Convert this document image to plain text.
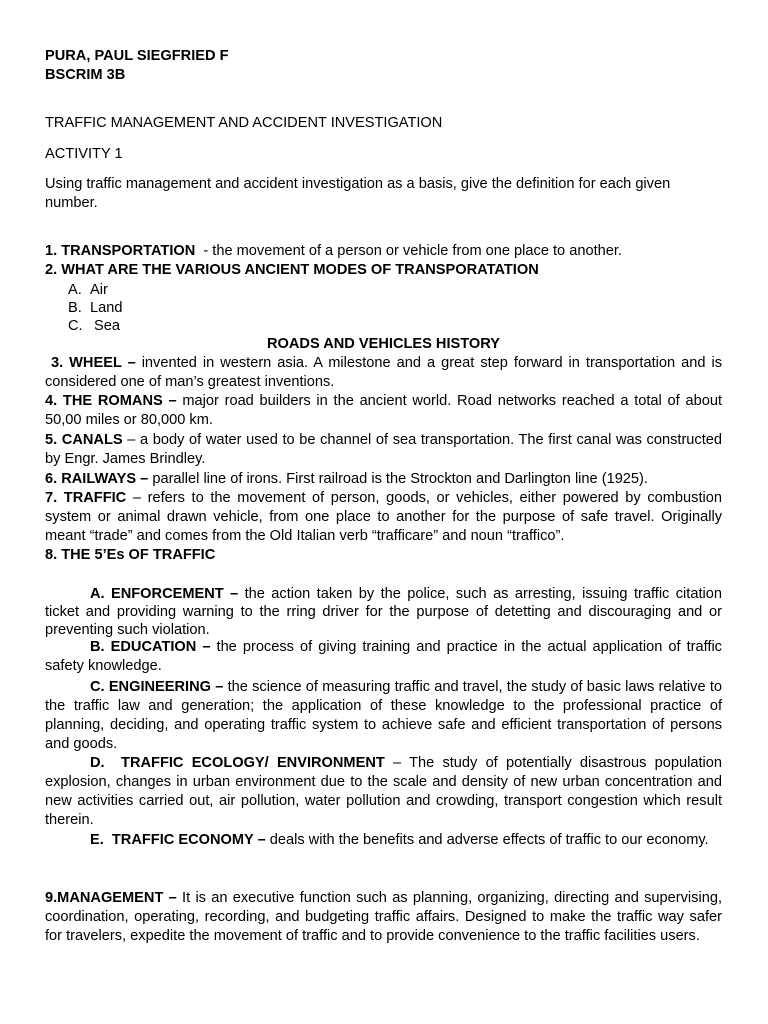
PURA, PAUL SIEGFRIED F
BSCRIM 3B
TRAFFIC MANAGEMENT AND ACCIDENT INVESTIGATION
ACTIVITY 1
Using traffic management and accident investigation as a basis, give the definition for each given number.
1. TRANSPORTATION  - the movement of a person or vehicle from one place to another.
2. WHAT ARE THE VARIOUS ANCIENT MODES OF TRANSPORATATION
A. Air
B. Land
C. Sea
ROADS AND VEHICLES HISTORY
3. WHEEL – invented in western asia. A milestone and a great step forward in transportation and is considered one of man’s greatest inventions.
4. THE ROMANS – major road builders in the ancient world. Road networks reached a total of about 50,00 miles or 80,000 km.
5. CANALS – a body of water used to be channel of sea transportation. The first canal was constructed by Engr. James Brindley.
6. RAILWAYS – parallel line of irons. First railroad is the Strockton and Darlington line (1925).
7. TRAFFIC – refers to the movement of person, goods, or vehicles, either powered by combustion system or animal drawn vehicle, from one place to another for the purpose of safe travel. Originally meant “trade” and comes from the Old Italian verb “trafficare” and noun “traffico”.
8. THE 5’Es OF TRAFFIC
A. ENFORCEMENT – the action taken by the police, such as arresting, issuing traffic citation ticket and providing warning to the rring driver for the purpose of detetting and discouraging and or preventing such violation.
B. EDUCATION – the process of giving training and practice in the actual application of traffic safety knowledge.
C. ENGINEERING – the science of measuring traffic and travel, the study of basic laws relative to the traffic law and generation; the application of these knowledge to the professional practice of planning, deciding, and operating traffic system to achieve safe and efficient transportation of persons and goods.
D.  TRAFFIC ECOLOGY/ ENVIRONMENT – The study of potentially disastrous population explosion, changes in urban environment due to the scale and density of new urban concentration and new activities carried out, air pollution, water pollution and crowding, transport congestion which result therein.
E.  TRAFFIC ECONOMY – deals with the benefits and adverse effects of traffic to our economy.
9.MANAGEMENT – It is an executive function such as planning, organizing, directing and supervising, coordination, operating, recording, and budgeting traffic affairs. Designed to make the traffic way safer for travelers, expedite the movement of traffic and to provide convenience to the traffic facilities users.
